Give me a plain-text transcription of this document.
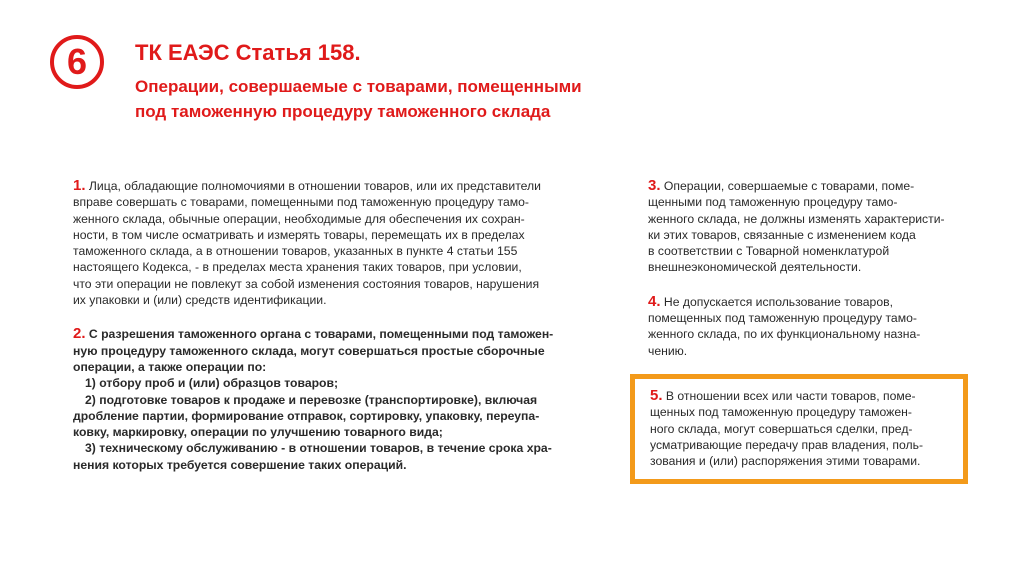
6 ТК ЕАЭС Статья 158.

Операции, совершаемые с товарами, помещенными
под таможенную процедуру таможенного склада

1. Лица, обладающие полномочиями в отношении товаров, или их представители
вправе совершать с товарами, помещенными под таможенную процедуру тамо-
женного склада, обычные операции, необходимые для обеспечения их сохран-
ности, в том числе осматривать и измерять товары, перемещать их в пределах
таможенного склада, а в отношении товаров, указанных в пункте 4 статьи 155
настоящего Кодекса, - в пределах места хранения таких товаров, при условии,
что эти операции не повлекут за собой изменения состояния товаров, нарушения
их упаковки и (или) средств идентификации.

2. С разрешения таможенного органа с товарами, помещенными под таможен-
ную процедуру таможенного склада, могут совершаться простые сборочные
операции, а также операции по:
1) отбору проб и (или) образцов товаров;
2) подготовке товаров к продаже и перевозке (транспортировке), включая
дробление партии, формирование отправок, сортировку, упаковку, переупа-
ковку, маркировку, операции по улучшению товарного вида;
3) техническому обслуживанию - в отношении товаров, в течение срока хра-
нения которых требуется совершение таких операций.

3. Операции, совершаемые с товарами, поме-
щенными под таможенную процедуру тамо-
женного склада, не должны изменять характеристи-
ки этих товаров, связанные с изменением кода
в соответствии с Товарной номенклатурой
внешнеэкономической деятельности.

4. Не допускается использование товаров,
помещенных под таможенную процедуру тамо-
женного склада, по их функциональному назна-
чению.

5. В отношении всех или части товаров, поме-
щенных под таможенную процедуру таможен-
ного склада, могут совершаться сделки, пред-
усматривающие передачу прав владения, поль-
зования и (или) распоряжения этими товарами.
